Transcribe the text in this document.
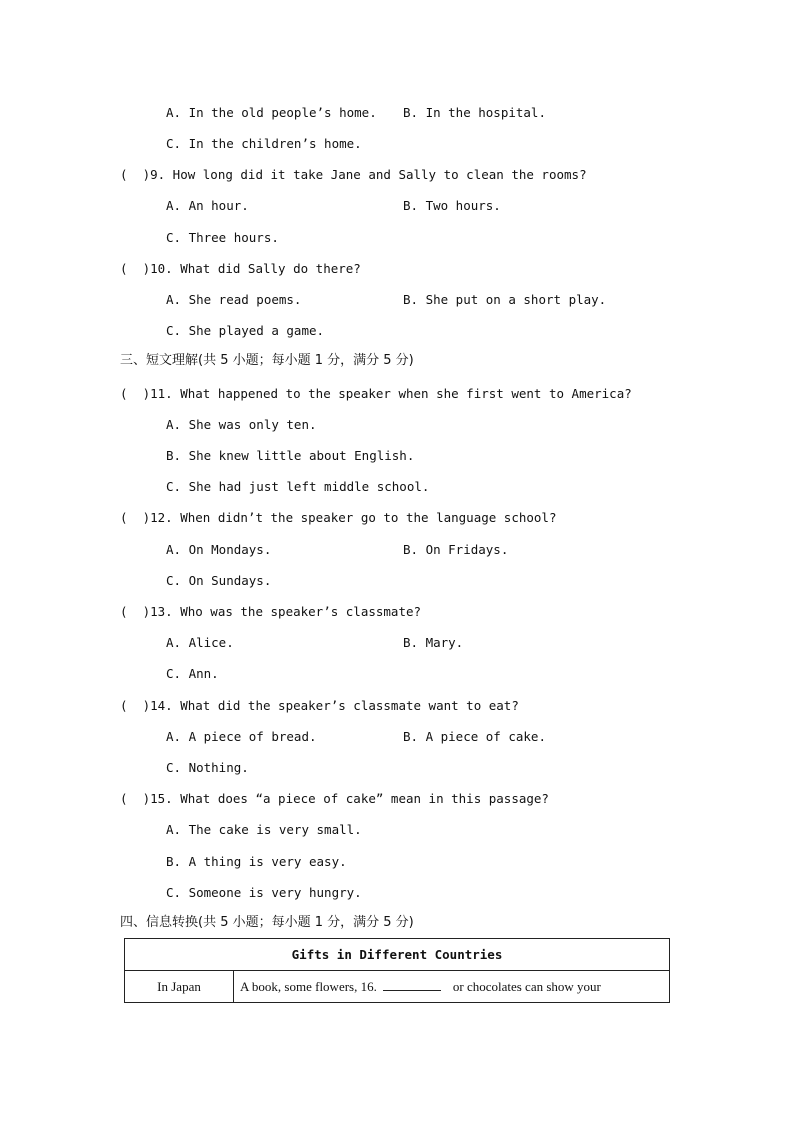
A. In the old people’s home. B. In the hospital.
C. In the children’s home.
(  )9. How long did it take Jane and Sally to clean the rooms?
A. An hour.	B. Two hours.
C. Three hours.
(  )10. What did Sally do there?
A. She read poems.	B. She put on a short play.
C. She played a game.
三、短文理解(共 5 小题；每小题 1 分，满分 5 分)
(  )11. What happened to the speaker when she first went to America?
A. She was only ten.
B. She knew little about English.
C. She had just left middle school.
(  )12. When didn’t the speaker go to the language school?
A. On Mondays.	B. On Fridays.
C. On Sundays.
(  )13. Who was the speaker’s classmate?
A. Alice.	B. Mary.
C. Ann.
(  )14. What did the speaker’s classmate want to eat?
A. A piece of bread.	B. A piece of cake.
C. Nothing.
(  )15. What does “a piece of cake” mean in this passage?
A. The cake is very small.
B. A thing is very easy.
C. Someone is very hungry.
四、信息转换(共 5 小题；每小题 1 分，满分 5 分)
Gifts in Different Countries
In Japan	A book, some flowers, 16.	or chocolates can show your
